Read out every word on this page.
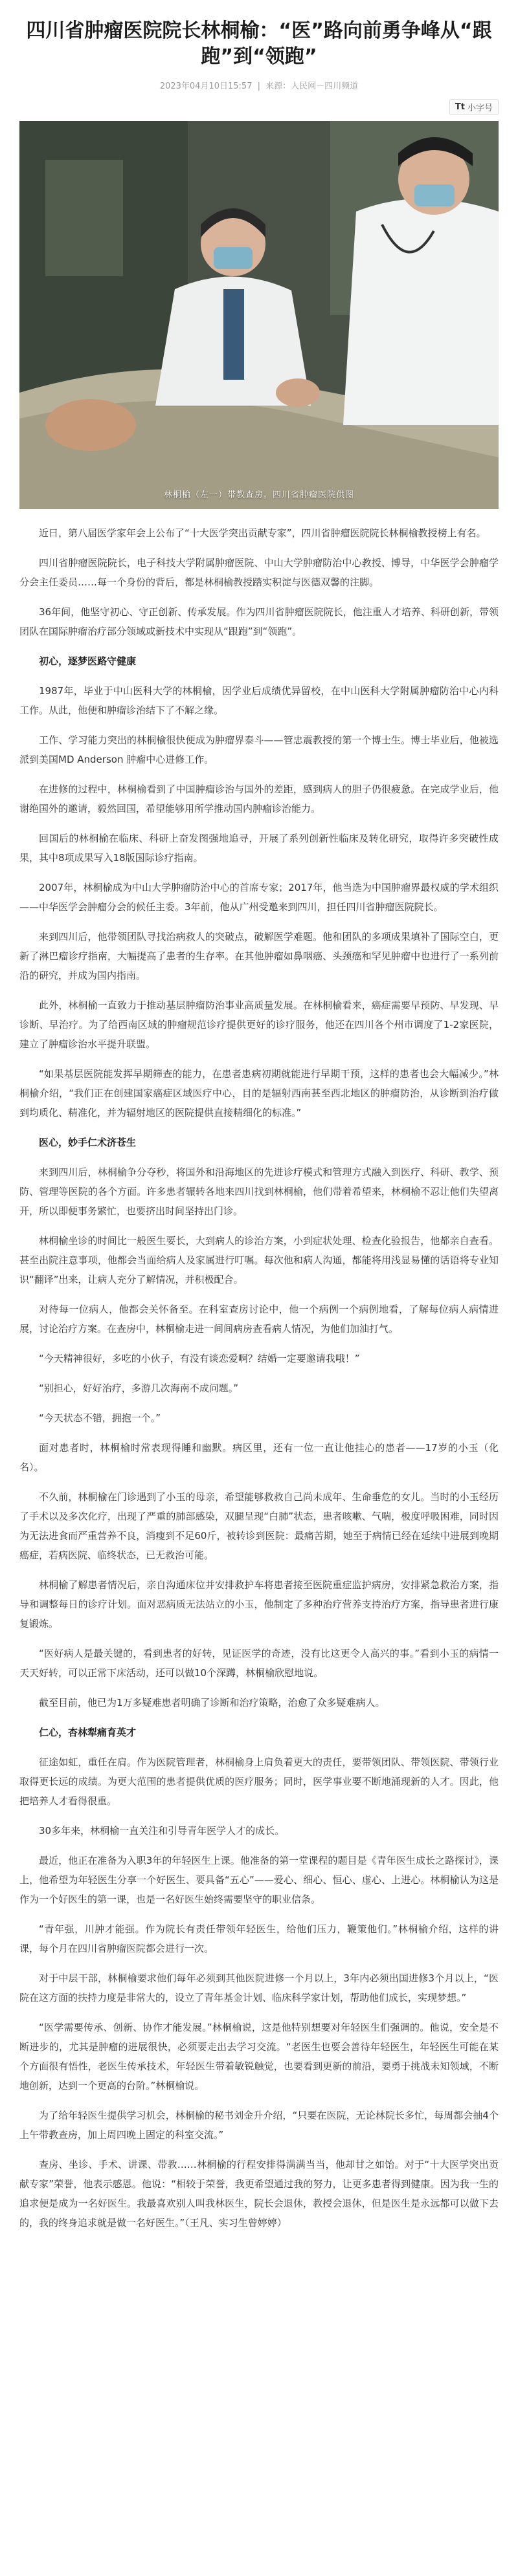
四川省肿瘤医院院长林桐榆：“医”路向前勇争峰从“跟跑”到“领跑”
2023年04月10日15:57 | 来源：人民网－四川频道
Tt 小字号
林桐榆（左一）带教查房。四川省肿瘤医院供图

近日，第八届医学家年会上公布了“十大医学突出贡献专家”，四川省肿瘤医院院长林桐榆教授榜上有名。

四川省肿瘤医院院长，电子科技大学附属肿瘤医院、中山大学肿瘤防治中心教授、博导，中华医学会肿瘤学分会主任委员……每一个身份的背后，都是林桐榆教授踏实积淀与医德双馨的注脚。

36年间，他坚守初心、守正创新、传承发展。作为四川省肿瘤医院院长，他注重人才培养、科研创新，带领团队在国际肿瘤治疗部分领域或新技术中实现从“跟跑”到“领跑”。

初心，逐梦医路守健康

1987年，毕业于中山医科大学的林桐榆，因学业后成绩优异留校，在中山医科大学附属肿瘤防治中心内科工作。从此，他便和肿瘤诊治结下了不解之缘。

工作、学习能力突出的林桐榆很快便成为肿瘤界泰斗——管忠震教授的第一个博士生。博士毕业后，他被选派到美国MD Anderson 肿瘤中心进修工作。

在进修的过程中，林桐榆看到了中国肿瘤诊治与国外的差距，感到病人的胆子仍很疲惫。在完成学业后，他谢绝国外的邀请，毅然回国，希望能够用所学推动国内肿瘤诊治能力。

回国后的林桐榆在临床、科研上奋发图强地追寻，开展了系列创新性临床及转化研究，取得许多突破性成果，其中8项成果写入18版国际诊疗指南。

2007年，林桐榆成为中山大学肿瘤防治中心的首席专家；2017年，他当选为中国肿瘤界最权威的学术组织——中华医学会肿瘤分会的候任主委。3年前，他从广州受邀来到四川，担任四川省肿瘤医院院长。

来到四川后，他带领团队寻找治病救人的突破点，破解医学难题。他和团队的多项成果填补了国际空白，更新了淋巴瘤诊疗指南，大幅提高了患者的生存率。在其他肿瘤如鼻咽癌、头颈癌和罕见肿瘤中也进行了一系列前沿的研究，并成为国内指南。

此外，林桐榆一直致力于推动基层肿瘤防治事业高质量发展。在林桐榆看来，癌症需要早预防、早发现、早诊断、早治疗。为了给西南区域的肿瘤规范诊疗提供更好的诊疗服务，他还在四川各个州市调度了1-2家医院，建立了肿瘤诊治水平提升联盟。

“如果基层医院能发挥早期筛查的能力，在患者患病初期就能进行早期干预，这样的患者也会大幅减少。”林桐榆介绍，“我们正在创建国家癌症区域医疗中心，目的是辐射西南甚至西北地区的肿瘤防治，从诊断到治疗做到均质化、精准化，并为辐射地区的医院提供直接精细化的标准。”

医心，妙手仁术济苍生

来到四川后，林桐榆争分夺秒，将国外和沿海地区的先进诊疗模式和管理方式融入到医疗、科研、教学、预防、管理等医院的各个方面。许多患者辗转各地来四川找到林桐榆，他们带着希望来，林桐榆不忍让他们失望离开，所以即便事务繁忙，也要挤出时间坚持出门诊。

林桐榆坐诊的时间比一般医生要长，大到病人的诊治方案，小到症状处理、检查化验报告，他都亲自查看。甚至出院注意事项，他都会当面给病人及家属进行叮嘱。每次他和病人沟通，都能将用浅显易懂的话语将专业知识“翻译”出来，让病人充分了解情况，并积极配合。

对待每一位病人，他都会关怀备至。在科室查房讨论中，他一个病例一个病例地看，了解每位病人病情进展，讨论治疗方案。在查房中，林桐榆走进一间间病房查看病人情况，为他们加油打气。

“今天精神很好，多吃的小伙子，有没有谈恋爱啊？结婚一定要邀请我哦！”

“别担心，好好治疗，多游几次海南不成问题。”

“今天状态不错，拥抱一个。”

面对患者时，林桐榆时常表现得睡和幽默。病区里，还有一位一直让他挂心的患者——17岁的小玉（化名）。

不久前，林桐榆在门诊遇到了小玉的母亲，希望能够救救自己尚未成年、生命垂危的女儿。当时的小玉经历了手术以及多次化疗，出现了严重的肺部感染，双腿呈现“白肺”状态，患者咳嗽、气喘，极度呼吸困难，同时因为无法进食而严重营养不良，消瘦到不足60斤，被转诊到医院：最痛苦期，她至于病情已经在延续中进展到晚期癌症，若病医院、临终状态，已无救治可能。

林桐榆了解患者情况后，亲自沟通床位并安排救护车将患者接至医院重症监护病房，安排紧急救治方案，指导和调整每日的诊疗计划。面对恶病质无法站立的小玉，他制定了多种治疗营养支持治疗方案，指导患者进行康复锻炼。

“医好病人是最关键的，看到患者的好转，见证医学的奇迹，没有比这更令人高兴的事。”看到小玉的病情一天天好转，可以正常下床活动，还可以做10个深蹲，林桐榆欣慰地说。

截至目前，他已为1万多疑难患者明确了诊断和治疗策略，治愈了众多疑难病人。

仁心，杏林犁痛育英才

征途如虹，重任在肩。作为医院管理者，林桐榆身上肩负着更大的责任，要带领团队、带领医院、带领行业取得更长远的成绩。为更大范围的患者提供优质的医疗服务；同时，医学事业要不断地涌现新的人才。因此，他把培养人才看得很重。

30多年来，林桐榆一直关注和引导青年医学人才的成长。

最近，他正在准备为入职3年的年轻医生上课。他准备的第一堂课程的题目是《青年医生成长之路探讨》，课上，他希望为年轻医生分享一个好医生、要具备“五心”——爱心、细心、恒心、虚心、上进心。林桐榆认为这是作为一个好医生的第一课，也是一名好医生始终需要坚守的职业信条。

“青年强，川肿才能强。作为院长有责任带领年轻医生，给他们压力，鞭策他们。”林桐榆介绍，这样的讲课，每个月在四川省肿瘤医院都会进行一次。

对于中层干部，林桐榆要求他们每年必须到其他医院进修一个月以上，3年内必须出国进修3个月以上，“医院在这方面的扶持力度是非常大的，设立了青年基金计划、临床科学家计划，帮助他们成长，实现梦想。”

“医学需要传承、创新、协作才能发展。”林桐榆说，这是他特别想要对年轻医生们强调的。他说，安全是不断进步的，尤其是肿瘤的进展很快，必须要走出去学习交流。“老医生也要会善待年轻医生，年轻医生可能在某个方面很有悟性，老医生传承技术，年轻医生带着敏锐触觉，也要看到更新的前沿，要勇于挑战未知领域，不断地创新，达到一个更高的台阶。”林桐榆说。

为了给年轻医生提供学习机会，林桐榆的秘书刘金升介绍，“只要在医院，无论林院长多忙，每周都会抽4个上午带教查房，加上周四晚上固定的科室交流。”

查房、坐诊、手术、讲课、带教……林桐榆的行程安排得满满当当，他却甘之如饴。对于“十大医学突出贡献专家”荣誉，他表示感恩。他说：“相较于荣誉，我更希望通过我的努力，让更多患者得到健康。因为我一生的追求便是成为一名好医生。我最喜欢别人叫我林医生，院长会退休，教授会退休，但是医生是永远都可以做下去的，我的终身追求就是做一名好医生。”（王凡、实习生曾婷婷）
